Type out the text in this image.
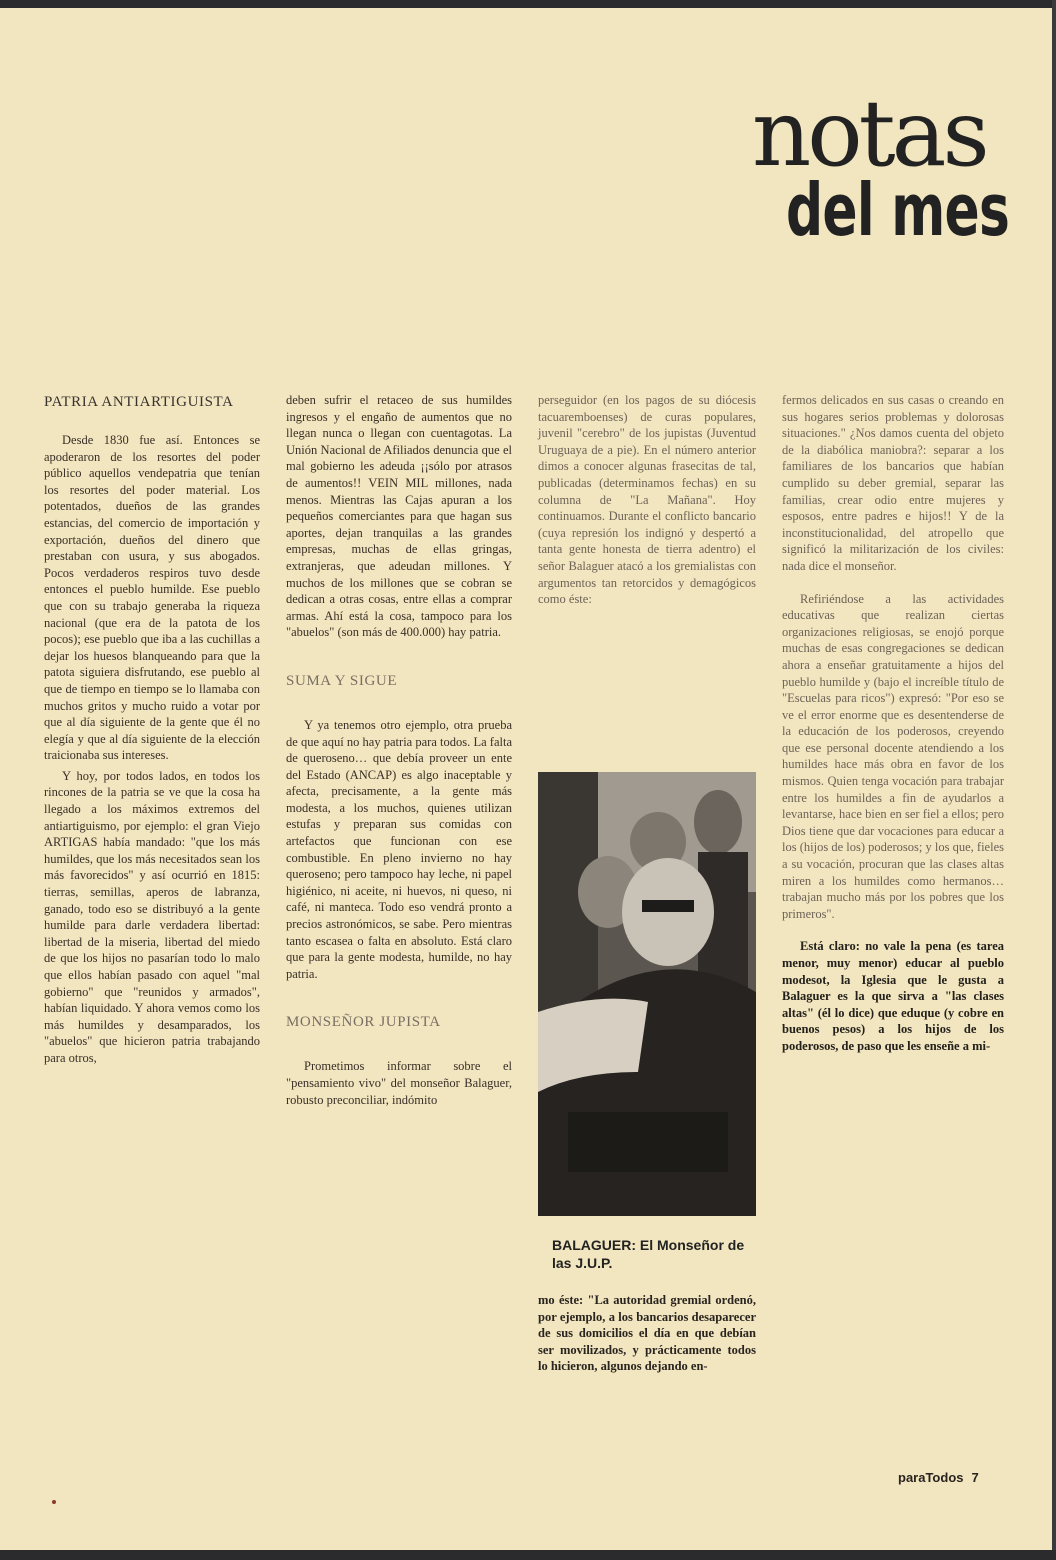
notas
del mes
PATRIA ANTIARTIGUISTA

Desde 1830 fue así. Entonces se apoderaron de los resortes del poder público aquellos vendepatria que tenían los resortes del poder material. Los potentados, dueños de las grandes estancias, del comercio de importación y exportación, dueños del dinero que prestaban con usura, y sus abogados. Pocos verdaderos respiros tuvo desde entonces el pueblo humilde. Ese pueblo que con su trabajo generaba la riqueza nacional (que era de la patota de los pocos); ese pueblo que iba a las cuchillas a dejar los huesos blanqueando para que la patota siguiera disfrutando, ese pueblo al que de tiempo en tiempo se lo llamaba con muchos gritos y mucho ruido a votar por que al día siguiente de la gente que él no elegía y que al día siguiente de la elección traicionaba sus intereses.

Y hoy, por todos lados, en todos los rincones de la patria se ve que la cosa ha llegado a los máximos extremos del antiartiguismo, por ejemplo: el gran Viejo ARTIGAS había mandado: "que los más humildes, que los más necesitados sean los más favorecidos" y así ocurrió en 1815: tierras, semillas, aperos de labranza, ganado, todo eso se distribuyó a la gente humilde para darle verdadera libertad: libertad de la miseria, libertad del miedo de que los hijos no pasarían todo lo malo que ellos habían pasado con aquel "mal gobierno" que "reunidos y armados", habían liquidado. Y ahora vemos como los más humildes y desamparados, los "abuelos" que hicieron patria trabajando para otros,

deben sufrir el retaceo de sus humildes ingresos y el engaño de aumentos que no llegan nunca o llegan con cuentagotas. La Unión Nacional de Afiliados denuncia que el mal gobierno les adeuda ¡¡sólo por atrasos de aumentos!! VEIN MIL millones, nada menos. Mientras las Cajas apuran a los pequeños comerciantes para que hagan sus aportes, dejan tranquilas a las grandes empresas, muchas de ellas gringas, extranjeras, que adeudan millones. Y muchos de los millones que se cobran se dedican a otras cosas, entre ellas a comprar armas. Ahí está la cosa, tampoco para los "abuelos" (son más de 400.000) hay patria.

SUMA Y SIGUE

Y ya tenemos otro ejemplo, otra prueba de que aquí no hay patria para todos. La falta de queroseno… que debía proveer un ente del Estado (ANCAP) es algo inaceptable y afecta, precisamente, a la gente más modesta, a los muchos, quienes utilizan estufas y preparan sus comidas con artefactos que funcionan con ese combustible. En pleno invierno no hay queroseno; pero tampoco hay leche, ni papel higiénico, ni aceite, ni huevos, ni queso, ni café, ni manteca. Todo eso vendrá pronto a precios astronómicos, se sabe. Pero mientras tanto escasea o falta en absoluto. Está claro que para la gente modesta, humilde, no hay patria.

MONSEÑOR JUPISTA

Prometimos informar sobre el "pensamiento vivo" del monseñor Balaguer, robusto preconciliar, indómito

perseguidor (en los pagos de su diócesis tacuaremboenses) de curas populares, juvenil "cerebro" de los jupistas (Juventud Uruguaya de a pie). En el número anterior dimos a conocer algunas frasecitas de tal, publicadas (determinamos fechas) en su columna de "La Mañana". Hoy continuamos. Durante el conflicto bancario (cuya represión los indignó y despertó a tanta gente honesta de tierra adentro) el señor Balaguer atacó a los gremialistas con argumentos tan retorcidos y demagógicos como éste:

BALAGUER: El Monseñor de las J.U.P.

mo éste: "La autoridad gremial ordenó, por ejemplo, a los bancarios desaparecer de sus domicilios el día en que debían ser movilizados, y prácticamente todos lo hicieron, algunos dejando en-

fermos delicados en sus casas o creando en sus hogares serios problemas y dolorosas situaciones." ¿Nos damos cuenta del objeto de la diabólica maniobra?: separar a los familiares de los bancarios que habían cumplido su deber gremial, separar las familias, crear odio entre mujeres y esposos, entre padres e hijos!! Y de la inconstitucionalidad, del atropello que significó la militarización de los civiles: nada dice el monseñor.

Refiriéndose a las actividades educativas que realizan ciertas organizaciones religiosas, se enojó porque muchas de esas congregaciones se dedican ahora a enseñar gratuitamente a hijos del pueblo humilde y (bajo el increíble título de "Escuelas para ricos") expresó: "Por eso se ve el error enorme que es desentenderse de la educación de los poderosos, creyendo que ese personal docente atendiendo a los humildes hace más obra en favor de los mismos. Quien tenga vocación para trabajar entre los humildes a fin de ayudarlos a levantarse, hace bien en ser fiel a ellos; pero Dios tiene que dar vocaciones para educar a los (hijos de los) poderosos; y los que, fieles a su vocación, procuran que las clases altas miren a los humildes como hermanos… trabajan mucho más por los pobres que los primeros".

Está claro: no vale la pena (es tarea menor, muy menor) educar al pueblo modesot, la Iglesia que le gusta a Balaguer es la que sirva a "las clases altas" (él lo dice) que eduque (y cobre en buenos pesos) a los hijos de los poderosos, de paso que les enseñe a mi-

paraTodos 7
